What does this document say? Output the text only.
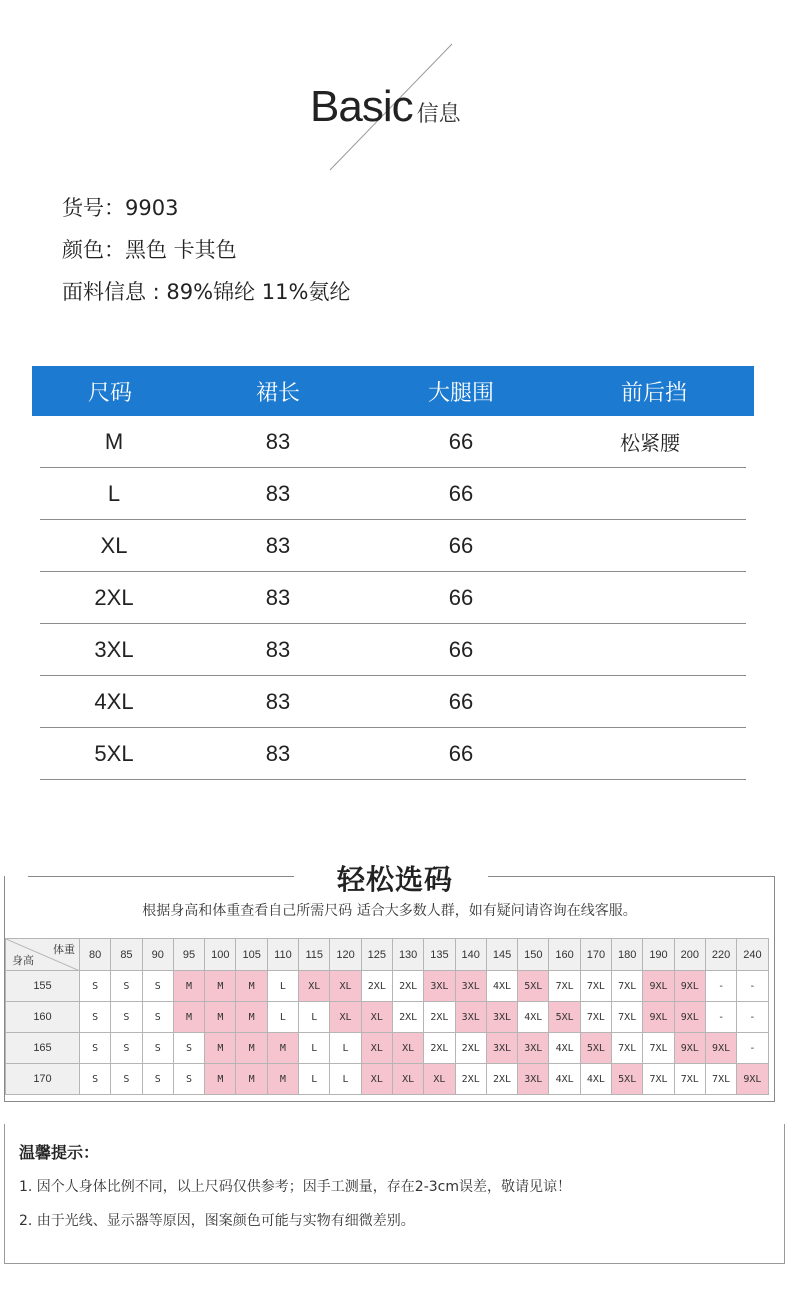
Basic 信息
货号：9903
颜色：黑色 卡其色
面料信息 : 89%锦纶 11%氨纶
尺码	裙长	大腿围	前后挡
M	83	66	松紧腰
L	83	66
XL	83	66
2XL	83	66
3XL	83	66
4XL	83	66
5XL	83	66
轻松选码
根据身高和体重查看自己所需尺码 适合大多数人群，如有疑问请咨询在线客服。
体重
身高	80	85	90	95	100	105	110	115	120	125	130	135	140	145	150	160	170	180	190	200	220	240
155	S	S	S	M	M	M	L	XL	XL	2XL	2XL	3XL	3XL	4XL	5XL	7XL	7XL	7XL	9XL	9XL	-	-
160	S	S	S	M	M	M	L	L	XL	XL	2XL	2XL	3XL	3XL	4XL	5XL	7XL	7XL	9XL	9XL	-	-
165	S	S	S	S	M	M	M	L	L	XL	XL	2XL	2XL	3XL	3XL	4XL	5XL	7XL	7XL	9XL	9XL	-
170	S	S	S	S	M	M	M	L	L	XL	XL	XL	2XL	2XL	3XL	4XL	4XL	5XL	7XL	7XL	7XL	9XL
温馨提示：
1. 因个人身体比例不同，以上尺码仅供参考；因手工测量，存在2-3cm误差，敬请见谅！
2. 由于光线、显示器等原因，图案颜色可能与实物有细微差别。
